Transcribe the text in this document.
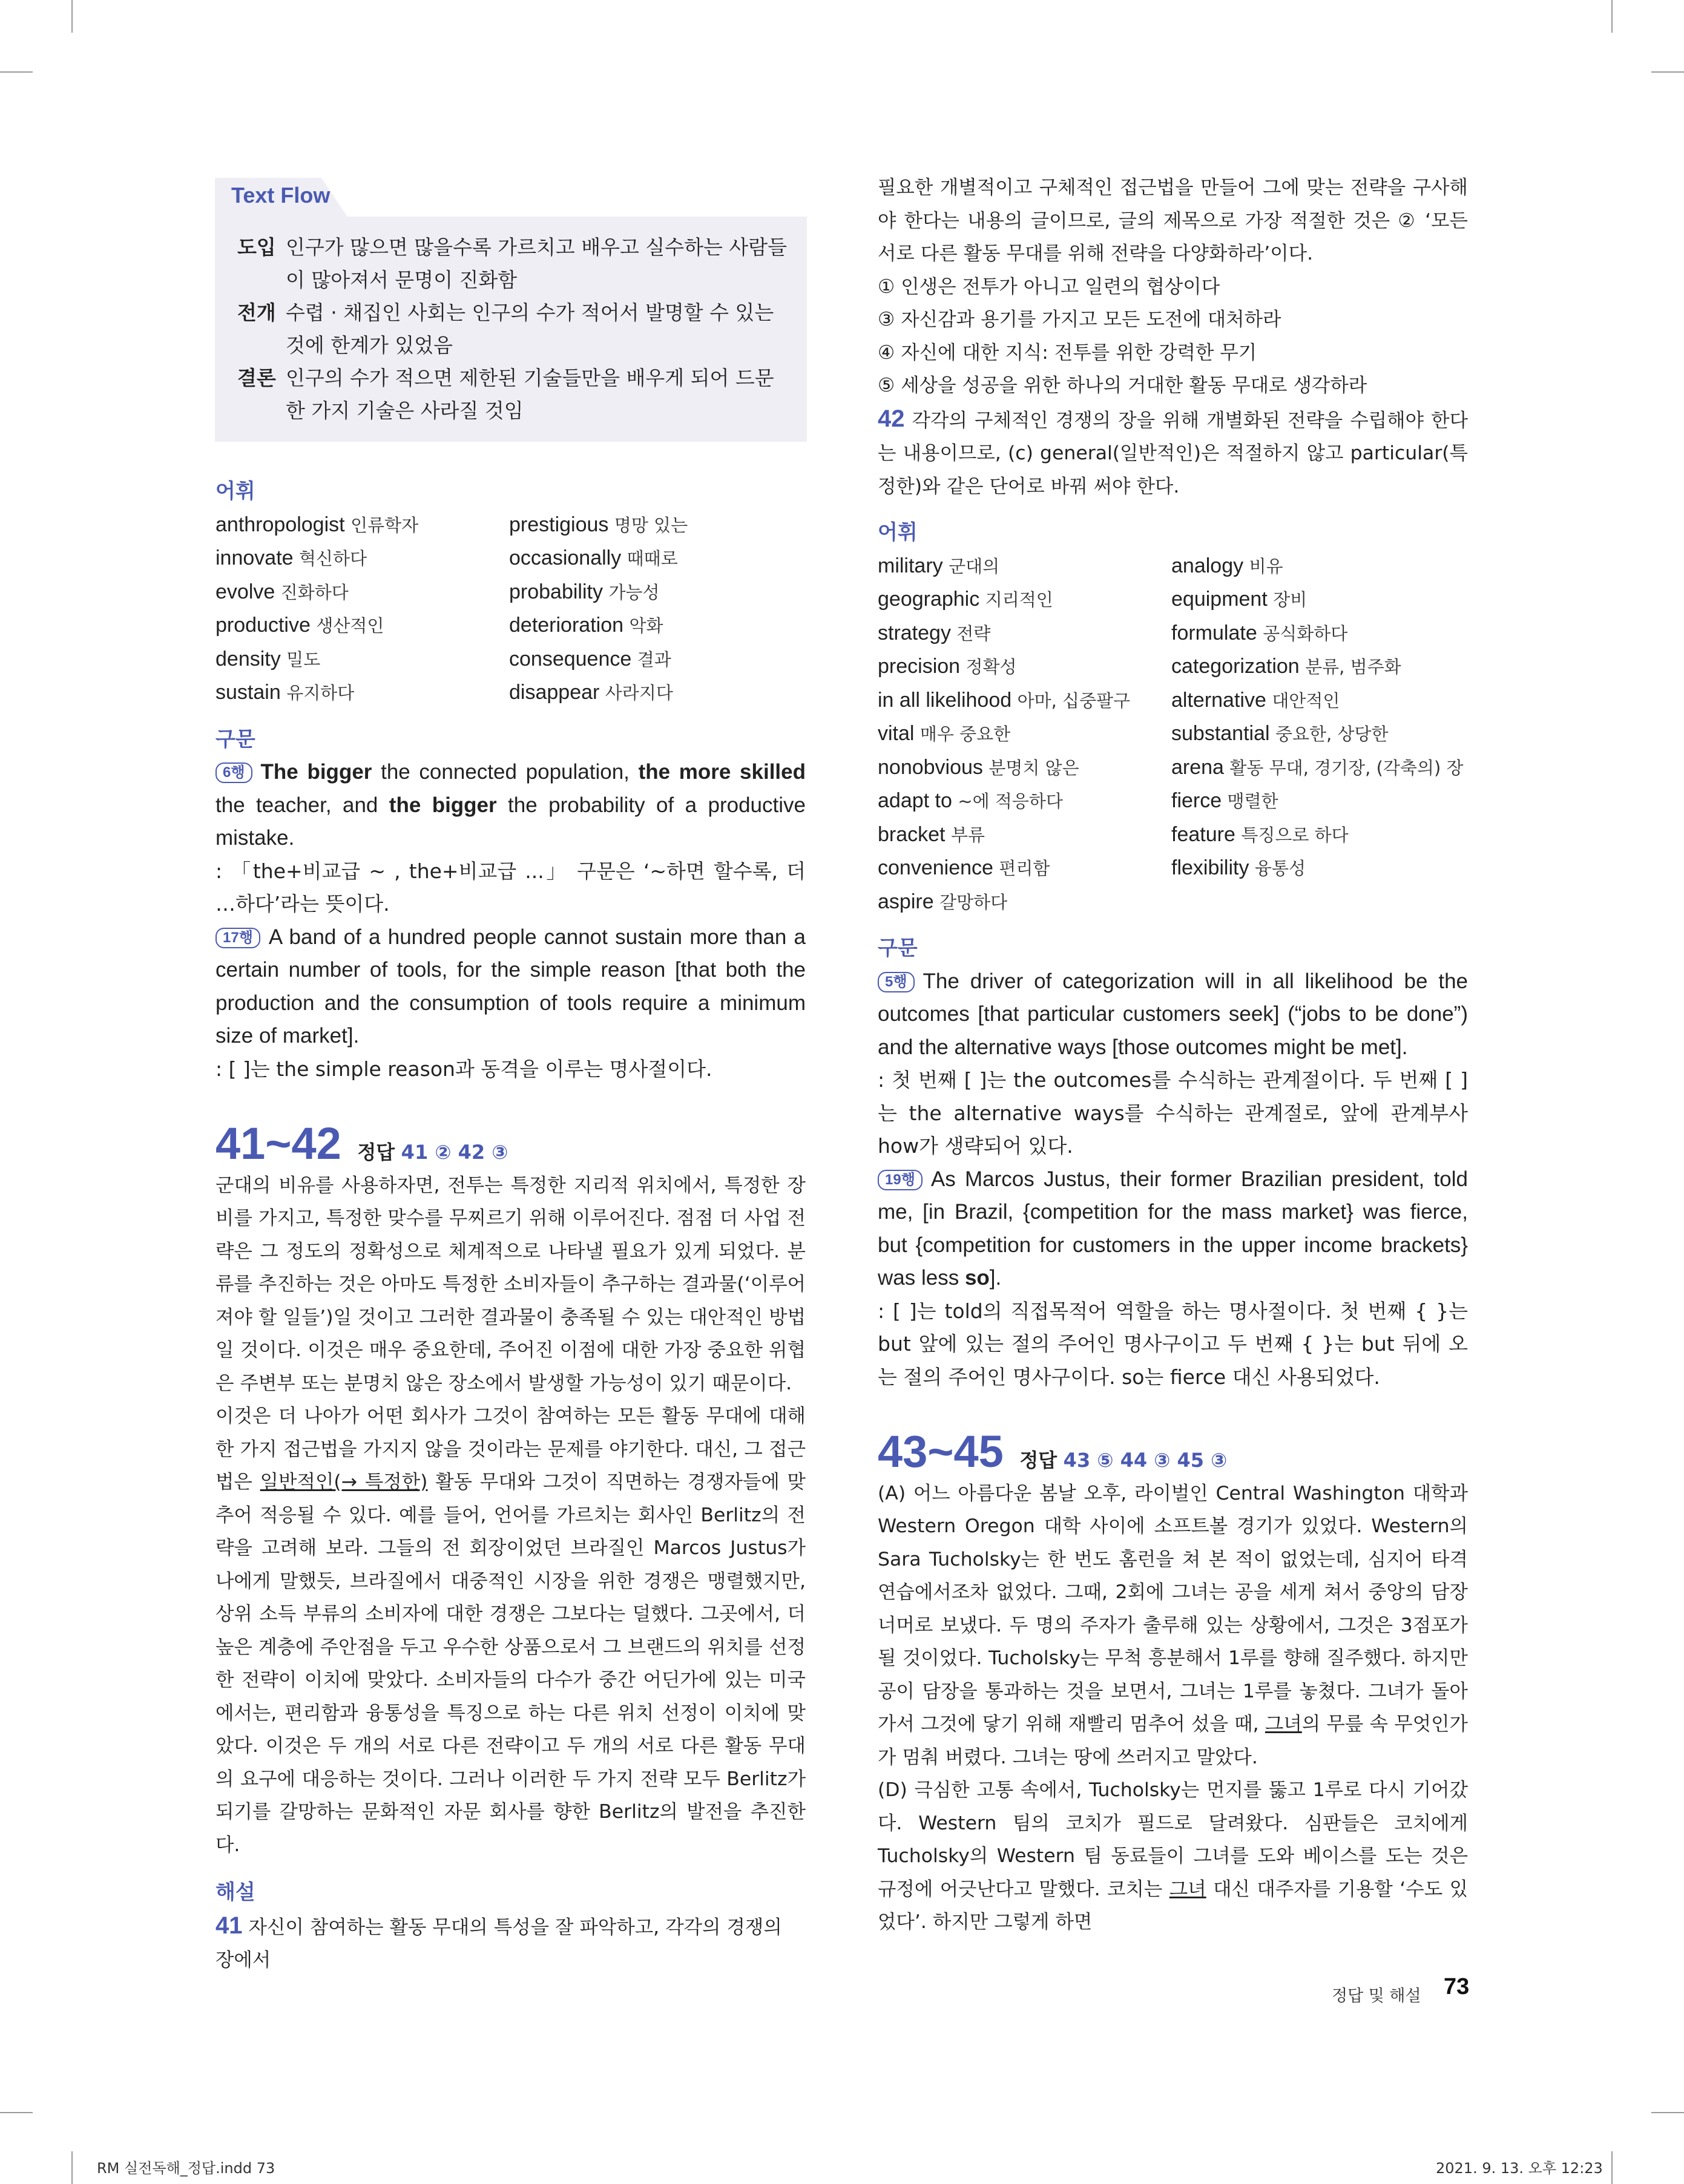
Text Flow
도입 인구가 많으면 많을수록 가르치고 배우고 실수하는 사람들이 많아져서 문명이 진화함
전개 수렵 · 채집인 사회는 인구의 수가 적어서 발명할 수 있는 것에 한계가 있었음
결론 인구의 수가 적으면 제한된 기술들만을 배우게 되어 드문 한 가지 기술은 사라질 것임
어휘
anthropologist 인류학자	prestigious 명망 있는
innovate 혁신하다	occasionally 때때로
evolve 진화하다	probability 가능성
productive 생산적인	deterioration 악화
density 밀도	consequence 결과
sustain 유지하다	disappear 사라지다
구문

6행 The bigger the connected population, the more skilled the teacher, and the bigger the probability of a productive mistake.

: 「the+비교급 ~ , the+비교급 ...」 구문은 ‘~하면 할수록, 더 …하다’라는 뜻이다.

17행 A band of a hundred people cannot sustain more than a certain number of tools, for the simple reason [that both the production and the consumption of tools require a minimum size of market].

: [ ]는 the simple reason과 동격을 이루는 명사절이다.

41~42 정답 41 ② 42 ③

군대의 비유를 사용하자면, 전투는 특정한 지리적 위치에서, 특정한 장비를 가지고, 특정한 맞수를 무찌르기 위해 이루어진다. 점점 더 사업 전략은 그 정도의 정확성으로 체계적으로 나타낼 필요가 있게 되었다. 분류를 추진하는 것은 아마도 특정한 소비자들이 추구하는 결과물(‘이루어져야 할 일들’)일 것이고 그러한 결과물이 충족될 수 있는 대안적인 방법일 것이다. 이것은 매우 중요한데, 주어진 이점에 대한 가장 중요한 위협은 주변부 또는 분명치 않은 장소에서 발생할 가능성이 있기 때문이다.

이것은 더 나아가 어떤 회사가 그것이 참여하는 모든 활동 무대에 대해 한 가지 접근법을 가지지 않을 것이라는 문제를 야기한다. 대신, 그 접근법은 일반적인(→ 특정한) 활동 무대와 그것이 직면하는 경쟁자들에 맞추어 적응될 수 있다. 예를 들어, 언어를 가르치는 회사인 Berlitz의 전략을 고려해 보라. 그들의 전 회장이었던 브라질인 Marcos Justus가 나에게 말했듯, 브라질에서 대중적인 시장을 위한 경쟁은 맹렬했지만, 상위 소득 부류의 소비자에 대한 경쟁은 그보다는 덜했다. 그곳에서, 더 높은 계층에 주안점을 두고 우수한 상품으로서 그 브랜드의 위치를 선정한 전략이 이치에 맞았다. 소비자들의 다수가 중간 어딘가에 있는 미국에서는, 편리함과 융통성을 특징으로 하는 다른 위치 선정이 이치에 맞았다. 이것은 두 개의 서로 다른 전략이고 두 개의 서로 다른 활동 무대의 요구에 대응하는 것이다. 그러나 이러한 두 가지 전략 모두 Berlitz가 되기를 갈망하는 문화적인 자문 회사를 향한 Berlitz의 발전을 추진한다.

해설

41 자신이 참여하는 활동 무대의 특성을 잘 파악하고, 각각의 경쟁의 장에서

필요한 개별적이고 구체적인 접근법을 만들어 그에 맞는 전략을 구사해야 한다는 내용의 글이므로, 글의 제목으로 가장 적절한 것은 ② ‘모든 서로 다른 활동 무대를 위해 전략을 다양화하라’이다.

① 인생은 전투가 아니고 일련의 협상이다

③ 자신감과 용기를 가지고 모든 도전에 대처하라

④ 자신에 대한 지식: 전투를 위한 강력한 무기

⑤ 세상을 성공을 위한 하나의 거대한 활동 무대로 생각하라

42 각각의 구체적인 경쟁의 장을 위해 개별화된 전략을 수립해야 한다는 내용이므로, (c) general(일반적인)은 적절하지 않고 particular(특정한)와 같은 단어로 바꿔 써야 한다.

어휘
military 군대의	analogy 비유
geographic 지리적인	equipment 장비
strategy 전략	formulate 공식화하다
precision 정확성	categorization 분류, 범주화
in all likelihood 아마, 십중팔구	alternative 대안적인
vital 매우 중요한	substantial 중요한, 상당한
nonobvious 분명치 않은	arena 활동 무대, 경기장, (각축의) 장
adapt to ~에 적응하다	fierce 맹렬한
bracket 부류	feature 특징으로 하다
convenience 편리함	flexibility 융통성
aspire 갈망하다
구문

5행 The driver of categorization will in all likelihood be the outcomes [that particular customers seek] (“jobs to be done”) and the alternative ways [those outcomes might be met].

: 첫 번째 [ ]는 the outcomes를 수식하는 관계절이다. 두 번째 [ ]는 the alternative ways를 수식하는 관계절로, 앞에 관계부사 how가 생략되어 있다.

19행 As Marcos Justus, their former Brazilian president, told me, [in Brazil, {competition for the mass market} was fierce, but {competition for customers in the upper income brackets} was less so].

: [ ]는 told의 직접목적어 역할을 하는 명사절이다. 첫 번째 { }는 but 앞에 있는 절의 주어인 명사구이고 두 번째 { }는 but 뒤에 오는 절의 주어인 명사구이다. so는 fierce 대신 사용되었다.

43~45 정답 43 ⑤ 44 ③ 45 ③

(A) 어느 아름다운 봄날 오후, 라이벌인 Central Washington 대학과 Western Oregon 대학 사이에 소프트볼 경기가 있었다. Western의 Sara Tucholsky는 한 번도 홈런을 쳐 본 적이 없었는데, 심지어 타격 연습에서조차 없었다. 그때, 2회에 그녀는 공을 세게 쳐서 중앙의 담장 너머로 보냈다. 두 명의 주자가 출루해 있는 상황에서, 그것은 3점포가 될 것이었다. Tucholsky는 무척 흥분해서 1루를 향해 질주했다. 하지만 공이 담장을 통과하는 것을 보면서, 그녀는 1루를 놓쳤다. 그녀가 돌아가서 그것에 닿기 위해 재빨리 멈추어 섰을 때, 그녀의 무릎 속 무엇인가가 멈춰 버렸다. 그녀는 땅에 쓰러지고 말았다.

(D) 극심한 고통 속에서, Tucholsky는 먼지를 뚫고 1루로 다시 기어갔다. Western 팀의 코치가 필드로 달려왔다. 심판들은 코치에게 Tucholsky의 Western 팀 동료들이 그녀를 도와 베이스를 도는 것은 규정에 어긋난다고 말했다. 코치는 그녀 대신 대주자를 기용할 ‘수도 있었다’. 하지만 그렇게 하면

정답 및 해설 73
RM 실전독해_정답.indd 73	2021. 9. 13. 오후 12:23
